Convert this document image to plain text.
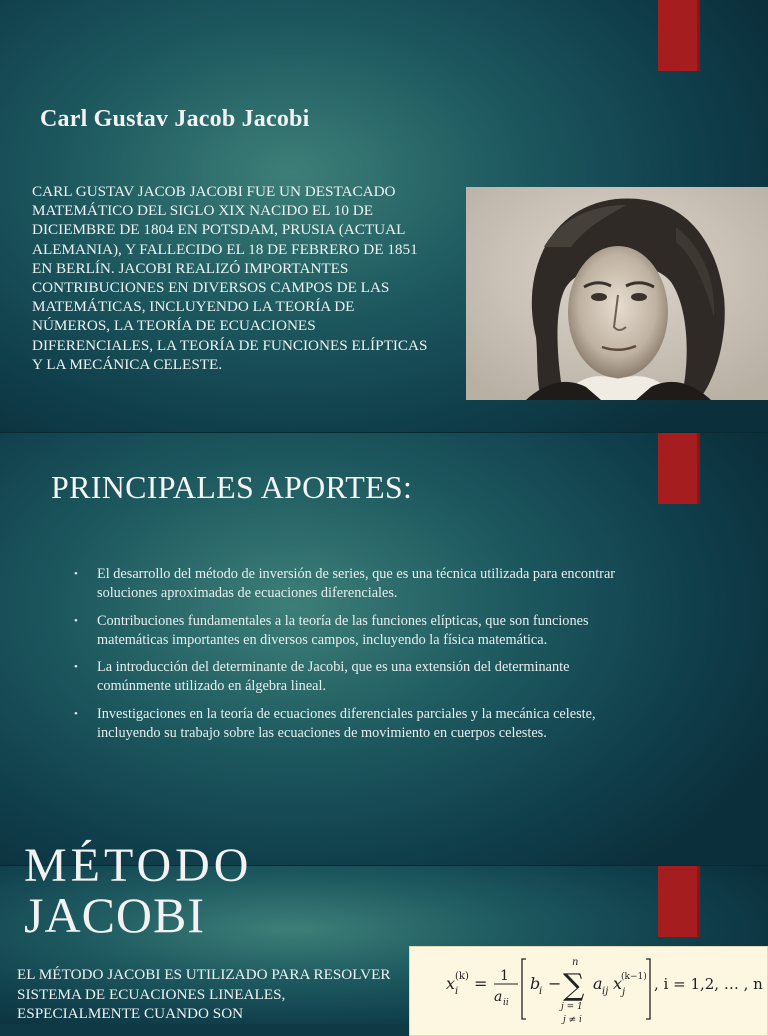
Carl Gustav Jacob Jacobi
CARL GUSTAV JACOB JACOBI FUE UN DESTACADO MATEMÁTICO DEL SIGLO XIX NACIDO EL 10 DE DICIEMBRE DE 1804 EN POTSDAM, PRUSIA (ACTUAL ALEMANIA), Y FALLECIDO EL 18 DE FEBRERO DE 1851 EN BERLÍN. JACOBI REALIZÓ IMPORTANTES CONTRIBUCIONES EN DIVERSOS CAMPOS DE LAS MATEMÁTICAS, INCLUYENDO LA TEORÍA DE NÚMEROS, LA TEORÍA DE ECUACIONES DIFERENCIALES, LA TEORÍA DE FUNCIONES ELÍPTICAS Y LA MECÁNICA CELESTE.
PRINCIPALES APORTES:
• El desarrollo del método de inversión de series, que es una técnica utilizada para encontrar soluciones aproximadas de ecuaciones diferenciales.
• Contribuciones fundamentales a la teoría de las funciones elípticas, que son funciones matemáticas importantes en diversos campos, incluyendo la física matemática.
• La introducción del determinante de Jacobi, que es una extensión del determinante comúnmente utilizado en álgebra lineal.
• Investigaciones en la teoría de ecuaciones diferenciales parciales y la mecánica celeste, incluyendo su trabajo sobre las ecuaciones de movimiento en cuerpos celestes.
MÉTODO
JACOBI
EL MÉTODO JACOBI ES UTILIZADO PARA RESOLVER SISTEMA DE ECUACIONES LINEALES, ESPECIALMENTE CUANDO SON
x i
(k) = 1
a ii
b
i − ∑
n
j = 1
j ≠ i
a ij x j
(k−1) , i = 1,2, … , n
